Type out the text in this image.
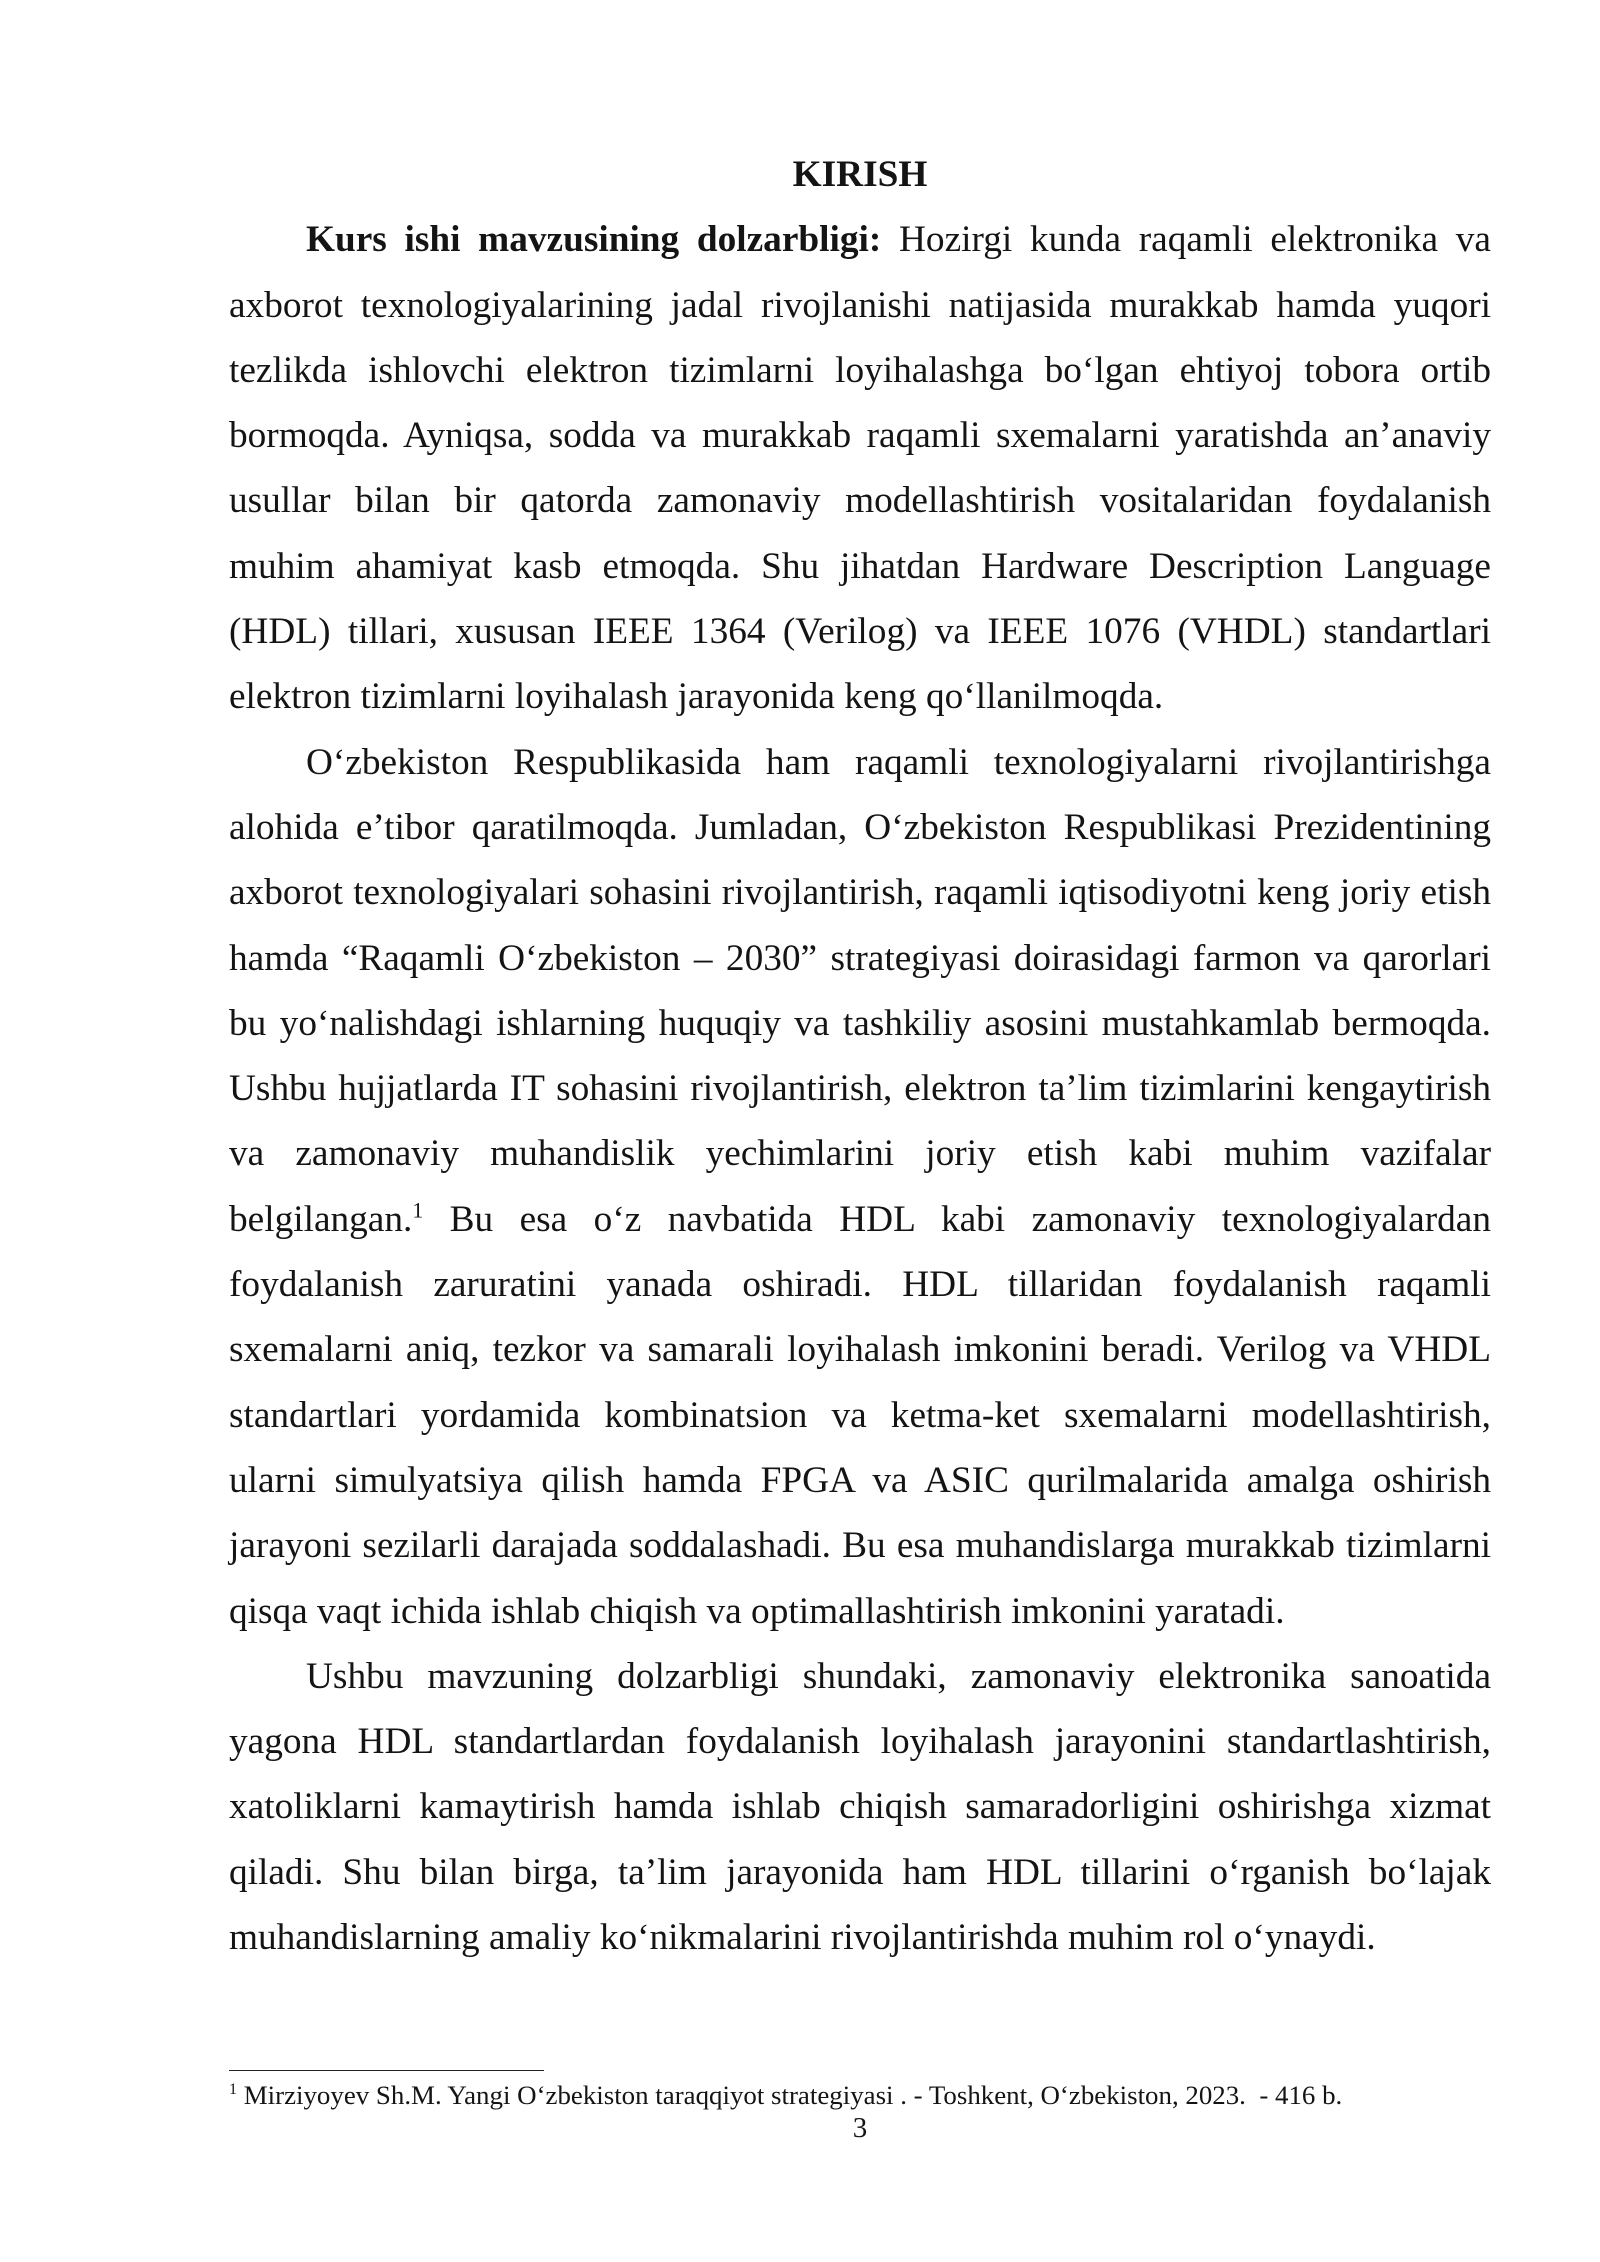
KIRISH
Kurs ishi mavzusining dolzarbligi: Hozirgi kunda raqamli elektronika va
axborot texnologiyalarining jadal rivojlanishi natijasida murakkab hamda yuqori
tezlikda ishlovchi elektron tizimlarni loyihalashga bo‘lgan ehtiyoj tobora ortib
bormoqda. Ayniqsa, sodda va murakkab raqamli sxemalarni yaratishda an’anaviy
usullar bilan bir qatorda zamonaviy modellashtirish vositalaridan foydalanish
muhim ahamiyat kasb etmoqda. Shu jihatdan Hardware Description Language
(HDL) tillari, xususan IEEE 1364 (Verilog) va IEEE 1076 (VHDL) standartlari
elektron tizimlarni loyihalash jarayonida keng qo‘llanilmoqda.
O‘zbekiston Respublikasida ham raqamli texnologiyalarni rivojlantirishga
alohida e’tibor qaratilmoqda. Jumladan, O‘zbekiston Respublikasi Prezidentining
axborot texnologiyalari sohasini rivojlantirish, raqamli iqtisodiyotni keng joriy etish
hamda “Raqamli O‘zbekiston – 2030” strategiyasi doirasidagi farmon va qarorlari
bu yo‘nalishdagi ishlarning huquqiy va tashkiliy asosini mustahkamlab bermoqda.
Ushbu hujjatlarda IT sohasini rivojlantirish, elektron ta’lim tizimlarini kengaytirish
va zamonaviy muhandislik yechimlarini joriy etish kabi muhim vazifalar
belgilangan.$^1$ Bu esa o‘z navbatida HDL kabi zamonaviy texnologiyalardan
foydalanish zaruratini yanada oshiradi. HDL tillaridan foydalanish raqamli
sxemalarni aniq, tezkor va samarali loyihalash imkonini beradi. Verilog va VHDL
standartlari yordamida kombinatsion va ketma-ket sxemalarni modellashtirish,
ularni simulyatsiya qilish hamda FPGA va ASIC qurilmalarida amalga oshirish
jarayoni sezilarli darajada soddalashadi. Bu esa muhandislarga murakkab tizimlarni
qisqa vaqt ichida ishlab chiqish va optimallashtirish imkonini yaratadi.
Ushbu mavzuning dolzarbligi shundaki, zamonaviy elektronika sanoatida
yagona HDL standartlardan foydalanish loyihalash jarayonini standartlashtirish,
xatoliklarni kamaytirish hamda ishlab chiqish samaradorligini oshirishga xizmat
qiladi. Shu bilan birga, ta’lim jarayonida ham HDL tillarini o‘rganish bo‘lajak
muhandislarning amaliy ko‘nikmalarini rivojlantirishda muhim rol o‘ynaydi.
$^1$ Mirziyoyev Sh.M. Yangi O‘zbekiston taraqqiyot strategiyasi . - Toshkent, O‘zbekiston, 2023.  - 416 b.
3
